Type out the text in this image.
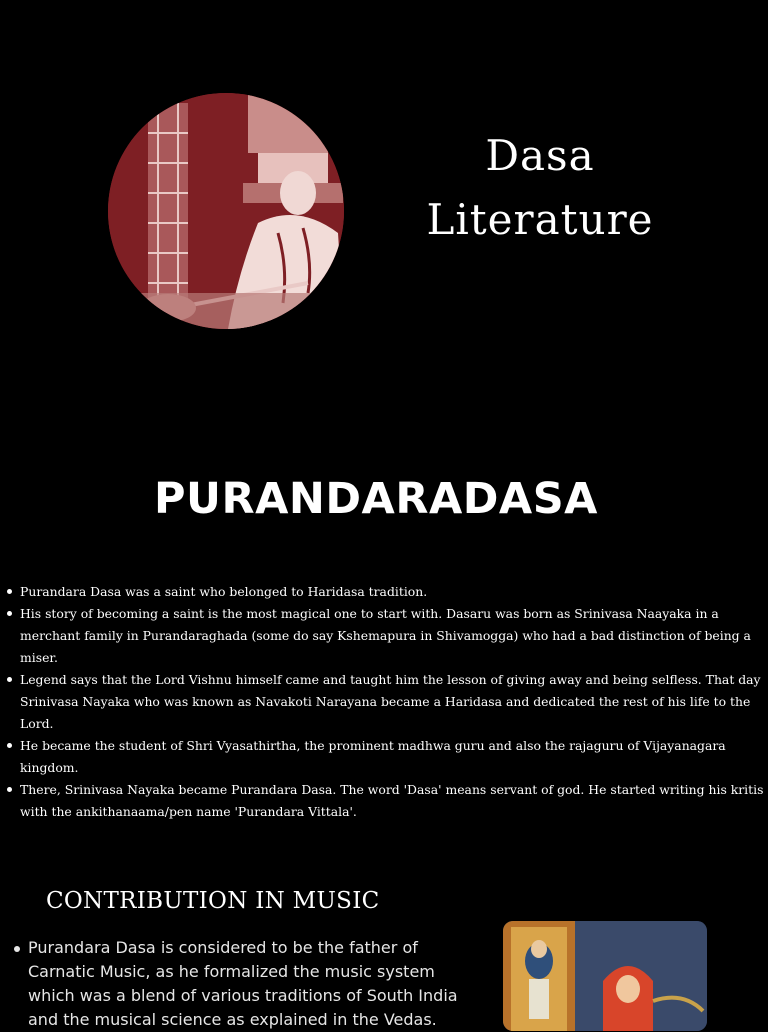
Dasa
Literature
PURANDARADASA
Purandara Dasa was a saint who belonged to Haridasa tradition.
His story of becoming a saint is the most magical one to start with. Dasaru was born as Srinivasa Naayaka in a merchant family in Purandaraghada (some do say Kshemapura in Shivamogga) who had a bad distinction of being a miser.
Legend says that the Lord Vishnu himself came and taught him the lesson of giving away and being selfless. That day Srinivasa Nayaka who was known as Navakoti Narayana became a Haridasa and dedicated the rest of his life to the Lord.
He became the student of Shri Vyasathirtha, the prominent madhwa guru and also the rajaguru of Vijayanagara kingdom.
There, Srinivasa Nayaka became Purandara Dasa. The word 'Dasa' means servant of god. He started writing his kritis with the ankithanaama/pen name 'Purandara Vittala'.
CONTRIBUTION IN MUSIC
Purandara Dasa is considered to be the father of Carnatic Music, as he formalized the music system which was a blend of various traditions of South India and the musical science as explained in the Vedas.
